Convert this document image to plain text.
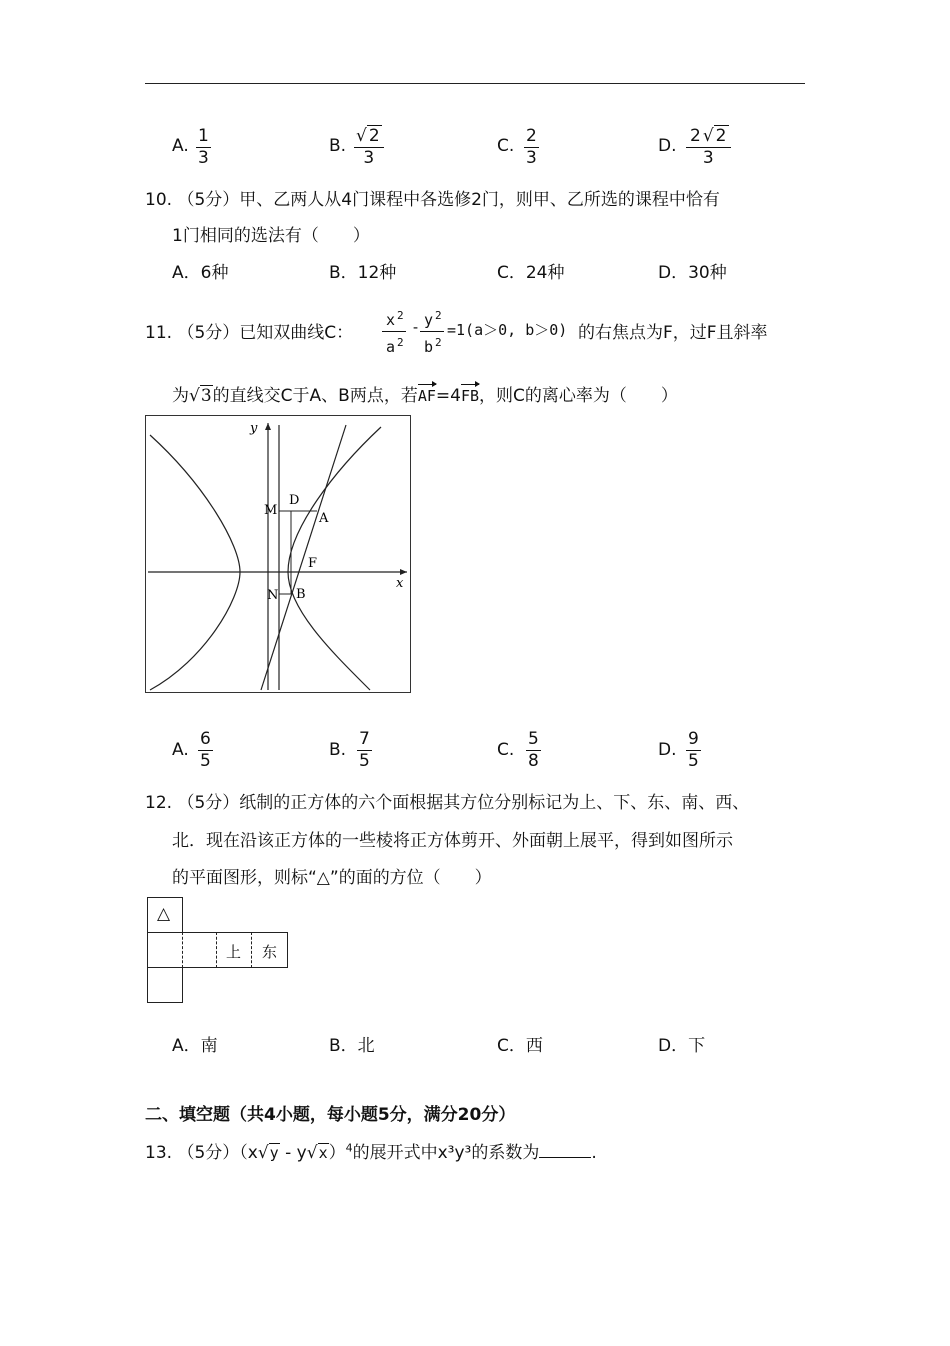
A. 1
3
B. √ 2
3
C. 2
3
D. 2 √ 2
3
10. （5分）甲、乙两人从4门课程中各选修2门，则甲、乙所选的课程中恰有
1门相同的选法有（　　）
A．6种	B．12种	C．24种	D．30种
11. （5分）已知双曲线C：
x $^2$
a $^2$
- y $^2$
b $^2$
=1(a＞0, b＞0) 的右焦点为F，过F且斜率
为√3的直线交C于A、B两点，若AF=4FB，则C的离心率为（　　）
y
x
D
M
A
F
N B
A.
6
5
B.
7
5
C.
5
8
D.
9
5
12. （5分）纸制的正方体的六个面根据其方位分别标记为上、下、东、南、西、
北．现在沿该正方体的一些棱将正方体剪开、外面朝上展平，得到如图所示
的平面图形，则标“△”的面的方位（　　）
△
上 东
A．南	B．北	C．西	D．下
二、填空题（共4小题，每小题5分，满分20分）
13. （5分）（x√y - y√x）$^4$的展开式中x³y³的系数为	.
